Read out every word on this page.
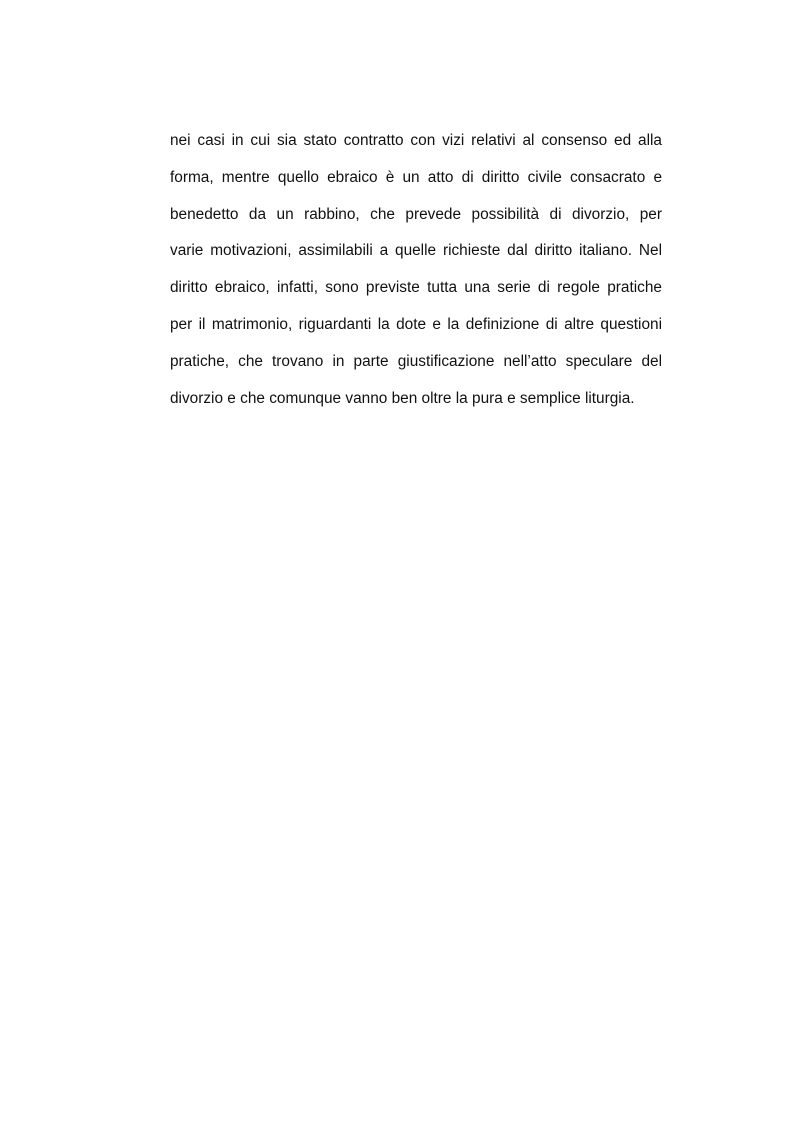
nei casi in cui sia stato contratto con vizi relativi al consenso ed alla
forma, mentre quello ebraico è un atto di diritto civile consacrato e
benedetto da un rabbino, che prevede possibilità di divorzio, per
varie motivazioni, assimilabili a quelle richieste dal diritto italiano. Nel
diritto ebraico, infatti, sono previste tutta una serie di regole pratiche
per il matrimonio, riguardanti la dote e la definizione di altre questioni
pratiche, che trovano in parte giustificazione nell’atto speculare del
divorzio e che comunque vanno ben oltre la pura e semplice liturgia.
